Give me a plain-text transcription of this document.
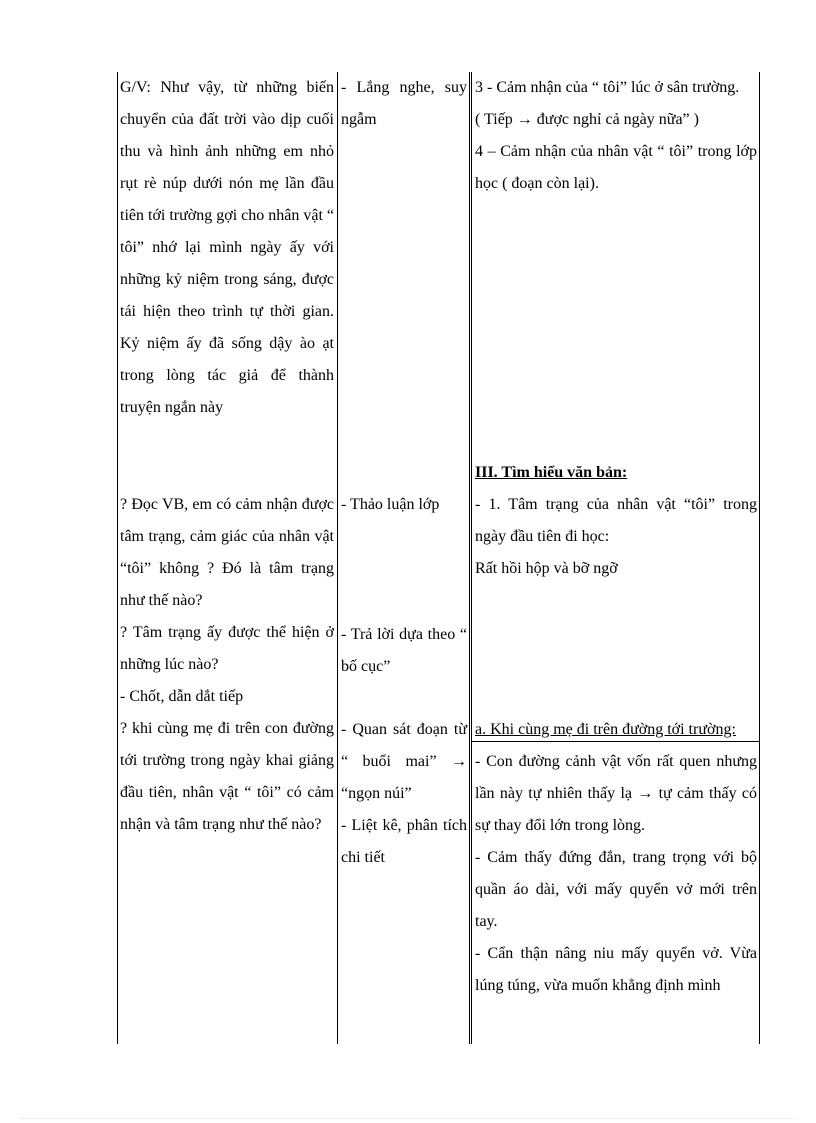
G/V: Như vậy, từ những biến chuyển của đất trời vào dịp cuối thu và hình ảnh những em nhỏ rụt rè núp dưới nón mẹ lần đầu tiên tới trường gợi cho nhân vật “ tôi” nhớ lại mình ngày ấy với những kỷ niệm trong sáng, được tái hiện theo trình tự thời gian. Kỷ niệm ấy đã sống dậy ào ạt trong lòng tác giả để thành truyện ngắn này

? Đọc VB, em có cảm nhận được tâm trạng, cảm giác của nhân vật “tôi” không ? Đó là tâm trạng như thế nào?

? Tâm trạng ấy được thể hiện ở những lúc nào?

- Chốt, dẫn dắt tiếp

? khi cùng mẹ đi trên con đường tới trường trong ngày khai giảng đầu tiên, nhân vật “ tôi” có cảm nhận và tâm trạng như thế nào?

- Lắng nghe, suy ngẫm

- Thảo luận lớp

- Trả lời dựa theo “ bố cục”

- Quan sát đoạn từ “ buổi mai” → “ngọn núi”

- Liệt kê, phân tích chi tiết

3 - Cảm nhận của “ tôi” lúc ở sân trường.

( Tiếp → được nghỉ cả ngày nữa” )

4 – Cảm nhận của nhân vật “ tôi” trong lớp học ( đoạn còn lại).

III. Tìm hiểu văn bản:

- 1. Tâm trạng của nhân vật “tôi” trong ngày đầu tiên đi học:

Rất hồi hộp và bỡ ngỡ

a. Khi cùng mẹ đi trên đường tới trường:

- Con đường cảnh vật vốn rất quen nhưng lần này tự nhiên thấy lạ → tự cảm thấy có sự thay đổi lớn trong lòng.

- Cảm thấy đứng đắn, trang trọng với bộ quần áo dài, với mấy quyển vở mới trên tay.

- Cẩn thận nâng niu mấy quyển vở. Vừa lúng túng, vừa muốn khẳng định mình
